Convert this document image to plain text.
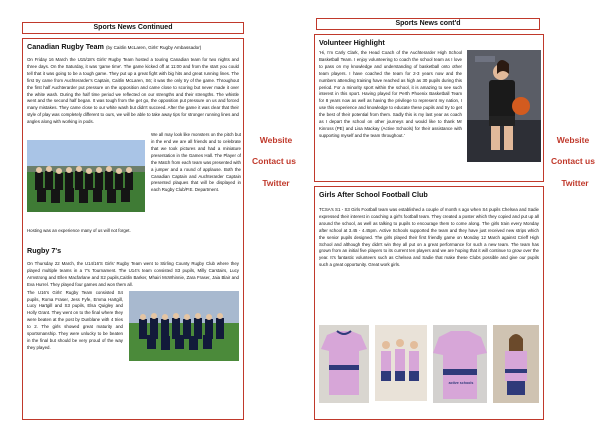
Sports News Continued
Canadian Rugby Team (by Caitlin McLaren, Girls' Rugby Ambassador)

On Friday 16 March the U15/18's Girls' Rugby Team hosted a touring Canadian team for two nights and three days. On the Saturday, it was 'game time'. The game kicked off at 11:00 and from the start you could tell that it was going to be a tough game. They put up a great fight with big hits and great running lines. The first try came from Auchterarder's Captain, Caitlin McLaren, S6; it was the only try of the game. Throughout the first half Auchterarder put pressure on the opposition and came close to scoring but never made it over the white wash. During the half time period we reflected on our strengths and their strengths. The whistle went and the second half began. It was tough from the get go, the opposition put pressure on us and forced many mistakes. They came close to our white wash but didn't succeed. After the game it was clear that their style of play was completely different to ours, we will be able to take away tips for stronger running lines and angles along with working in pods.

We all may look like monsters on the pitch but in the end we are all friends and to celebrate that we took pictures and had a miniature presentation in the Games Hall. The Player of the Match from each team was presented with a jumper and a round of applause. Both the Canadian Captain and Auchterarder Captain presented plaques that will be displayed in each Rugby Club/P.E. Department.

Hosting was an experience many of us will not forget.

Rugby 7's

On Thursday 22 March, the U14/16'S Girls' Rugby Team went to Stirling County Rugby Club where they played multiple teams in a 7's Tournament. The U14's team consisted S3 pupils, Milly Carstairs, Lucy Armstrong and Ellen Macfarlane and S2 pupils,Caitlin Barker, Mhairi McWhinnie, Zara Fraser, Jaia Blair and Eva Hurrel. They played four games and won them all.

The U16's Girls' Rugby Team consisted S4 pupils, Roma Fraser, Jess Fyfe, Emma Hartgill, Lucy Hartgill and S3 pupils, Elsa Quigley and Holly Grant. They went on to the final where they were beaten at the post by Dunblane with 4 tries to 2. The girls showed great maturity and sportsmanship. They were unlucky to be beaten in the final but should be very proud of the way they played.

Website
Contact us
Twitter
Sports News cont'd
Volunteer Highlight

'Hi, I'm Carly Clark, the Head Coach of the Auchterarder High School Basketball Team. I enjoy volunteering to coach the school team as I love to pass on my knowledge and understanding of basketball onto other team players. I have coached the team for 2-3 years now and the numbers attending training have reached as high as 30 pupils during this period. For a minority sport within the school, it is amazing to see such interest in this sport. Having played for Perth Phoenix Basketball Team for 8 years now as well as having the privilege to represent my nation, I use this experience and knowledge to educate these pupils and try to get the best of their potential from them. Sadly this is my last year as coach as I depart the school on other journeys and would like to thank Mr Kinross (PE) and Lisa Mackay (Active Schools) for their assistance with supporting myself and the team throughout.'

Girls After School Football Club

TCSA's S1 - S3 Girls Football team was established a couple of month s ago when S4 pupils Chelsea and Sadie expressed their interest in coaching a girl's football team. They created a poster which they copied and put up all around the school, as well as talking to pupils to encourage them to come along. The girls train every Monday after school at 3.45 - 4.45pm. Active Schools supported the team and they have just received new strips which the senior pupils designed. The girls played their first friendly game on Monday 12 March against Crieff High School and although they didn't win they all put on a great performance for such a new team. The team has grown from an initial five players to its current ten players and we are hoping that it will continue to grow over the year. It's fantastic volunteers such as Chelsea and Sadie that make these Clubs possible and give our pupils such a great opportunity. Great work girls.

active schools
Website
Contact us
Twitter
